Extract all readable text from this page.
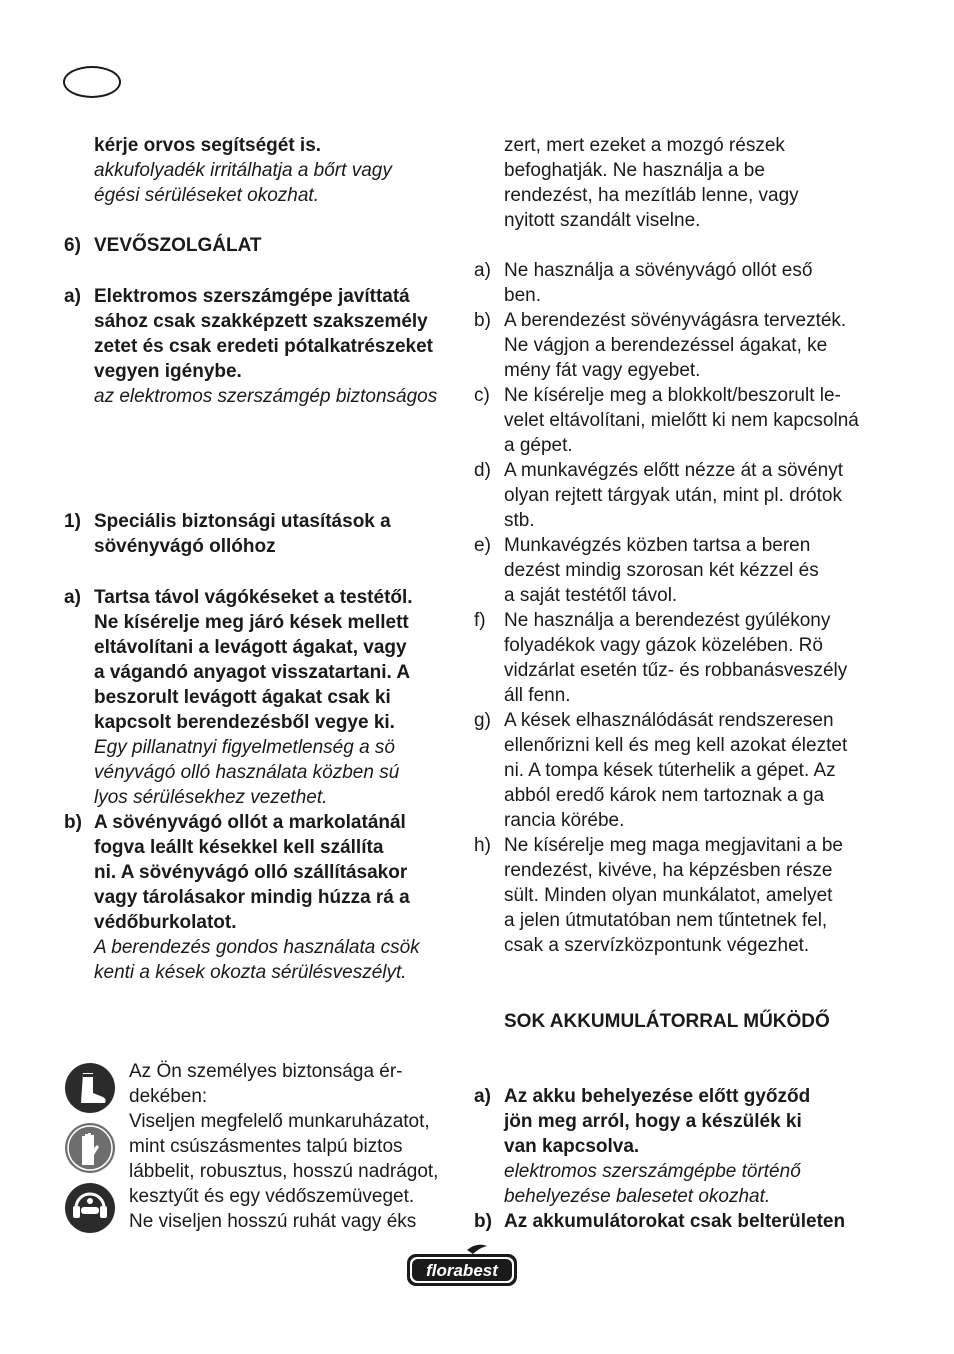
kérje orvos segítségét is.
akkufolyadék irritálhatja a bőrt vagy
égési sérüléseket okozhat.
6) VEVŐSZOLGÁLAT
a) Elektromos szerszámgépe javíttatá
sához csak szakképzett szakszemély
zetet és csak eredeti pótalkatrészeket
vegyen igénybe.
az elektromos szerszámgép biztonságos
1) Speciális biztonsági utasítások a
sövényvágó ollóhoz
a) Tartsa távol vágókéseket a testétől.
Ne kísérelje meg járó kések mellett
eltávolítani a levágott ágakat, vagy
a vágandó anyagot visszatartani. A
beszorult levágott ágakat csak ki
kapcsolt berendezésből vegye ki.
Egy pillanatnyi figyelmetlenség a sö
vényvágó olló használata közben sú
lyos sérülésekhez vezethet.
b) A sövényvágó ollót a markolatánál
fogva leállt késekkel kell szállíta
ni. A sövényvágó olló szállításakor
vagy tárolásakor mindig húzza rá a
védőburkolatot.
A berendezés gondos használata csök
kenti a kések okozta sérülésveszélyt.
Az Ön személyes biztonsága ér-
dekében:
Viseljen megfelelő munkaruházatot,
mint csúszásmentes talpú biztos
lábbelit, robusztus, hosszú nadrágot,
kesztyűt és egy védőszemüveget.
Ne viseljen hosszú ruhát vagy éks
zert, mert ezeket a mozgó részek
befoghatják. Ne használja a be
rendezést, ha mezítláb lenne, vagy
nyitott szandált viselne.
a) Ne használja a sövényvágó ollót eső
ben.
b) A berendezést sövényvágásra tervezték.
Ne vágjon a berendezéssel ágakat, ke
mény fát vagy egyebet.
c) Ne kísérelje meg a blokkolt/beszorult le-
velet eltávolítani, mielőtt ki nem kapcsolná
a gépet.
d) A munkavégzés előtt nézze át a sövényt
olyan rejtett tárgyak után, mint pl. drótok
stb.
e) Munkavégzés közben tartsa a beren
dezést mindig szorosan két kézzel és
a saját testétől távol.
f) Ne használja a berendezést gyúlékony
folyadékok vagy gázok közelében. Rö
vidzárlat esetén tűz- és robbanásveszély
áll fenn.
g) A kések elhasználódását rendszeresen
ellenőrizni kell és meg kell azokat éleztet
ni. A tompa kések túterhelik a gépet. Az
abból eredő károk nem tartoznak a ga
rancia körébe.
h) Ne kísérelje meg maga megjavitani a be
rendezést, kivéve, ha képzésben része
sült. Minden olyan munkálatot, amelyet
a jelen útmutatóban nem tűntetnek fel,
csak a szervízközpontunk végezhet.
SOK AKKUMULÁTORRAL MŰKÖDŐ
a) Az akku behelyezése előtt győződ
jön meg arról, hogy a készülék ki
van kapcsolva.
elektromos szerszámgépbe történő
behelyezése balesetet okozhat.
b) Az akkumulátorokat csak belterületen
florabest
